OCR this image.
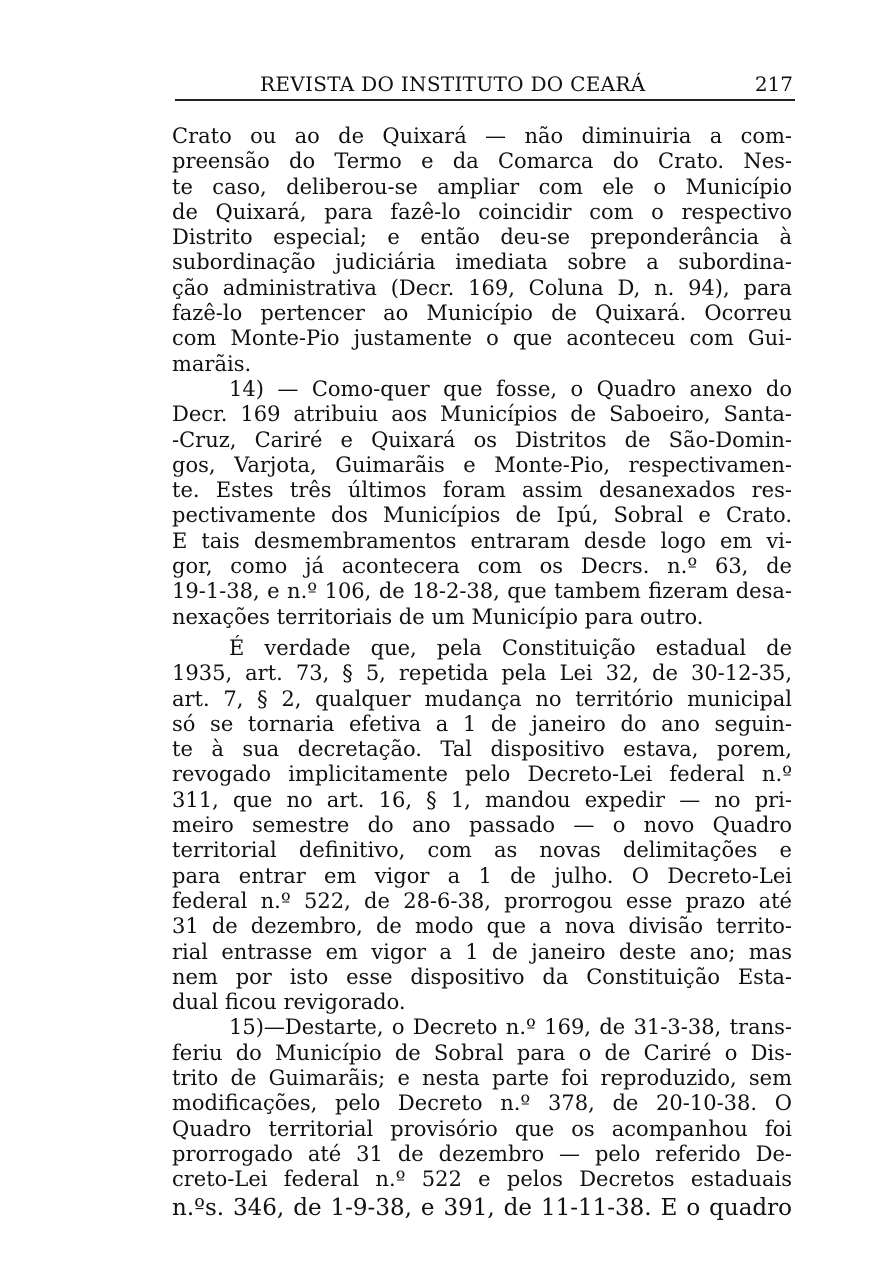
REVISTA DO INSTITUTO DO CEARÁ	217
Crato ou ao de Quixará — não diminuiria a com-
preensão do Termo e da Comarca do Crato. Nes-
te caso, deliberou-se ampliar com ele o Município
de Quixará, para fazê-lo coincidir com o respectivo
Distrito especial; e então deu-se preponderância à
subordinação judiciária imediata sobre a subordina-
ção administrativa (Decr. 169, Coluna D, n. 94), para
fazê-lo pertencer ao Município de Quixará. Ocorreu
com Monte-Pio justamente o que aconteceu com Gui-
marãis.
14) — Como-quer que fosse, o Quadro anexo do
Decr. 169 atribuiu aos Municípios de Saboeiro, Santa-
-Cruz, Cariré e Quixará os Distritos de São-Domin-
gos, Varjota, Guimarãis e Monte-Pio, respectivamen-
te. Estes três últimos foram assim desanexados res-
pectivamente dos Municípios de Ipú, Sobral e Crato.
E tais desmembramentos entraram desde logo em vi-
gor, como já acontecera com os Decrs. n.º 63, de
19-1-38, e n.º 106, de 18-2-38, que tambem fizeram desa-
nexações territoriais de um Município para outro.
É verdade que, pela Constituição estadual de
1935, art. 73, § 5, repetida pela Lei 32, de 30-12-35,
art. 7, § 2, qualquer mudança no território municipal
só se tornaria efetiva a 1 de janeiro do ano seguin-
te à sua decretação. Tal dispositivo estava, porem,
revogado implicitamente pelo Decreto-Lei federal n.º
311, que no art. 16, § 1, mandou expedir — no pri-
meiro semestre do ano passado — o novo Quadro
territorial definitivo, com as novas delimitações e
para entrar em vigor a 1 de julho. O Decreto-Lei
federal n.º 522, de 28-6-38, prorrogou esse prazo até
31 de dezembro, de modo que a nova divisão territo-
rial entrasse em vigor a 1 de janeiro deste ano; mas
nem por isto esse dispositivo da Constituição Esta-
dual ficou revigorado.
15)—Destarte, o Decreto n.º 169, de 31-3-38, trans-
feriu do Município de Sobral para o de Cariré o Dis-
trito de Guimarãis; e nesta parte foi reproduzido, sem
modificações, pelo Decreto n.º 378, de 20-10-38. O
Quadro territorial provisório que os acompanhou foi
prorrogado até 31 de dezembro — pelo referido De-
creto-Lei federal n.º 522 e pelos Decretos estaduais
n.ºs. 346, de 1-9-38, e 391, de 11-11-38. E o quadro
